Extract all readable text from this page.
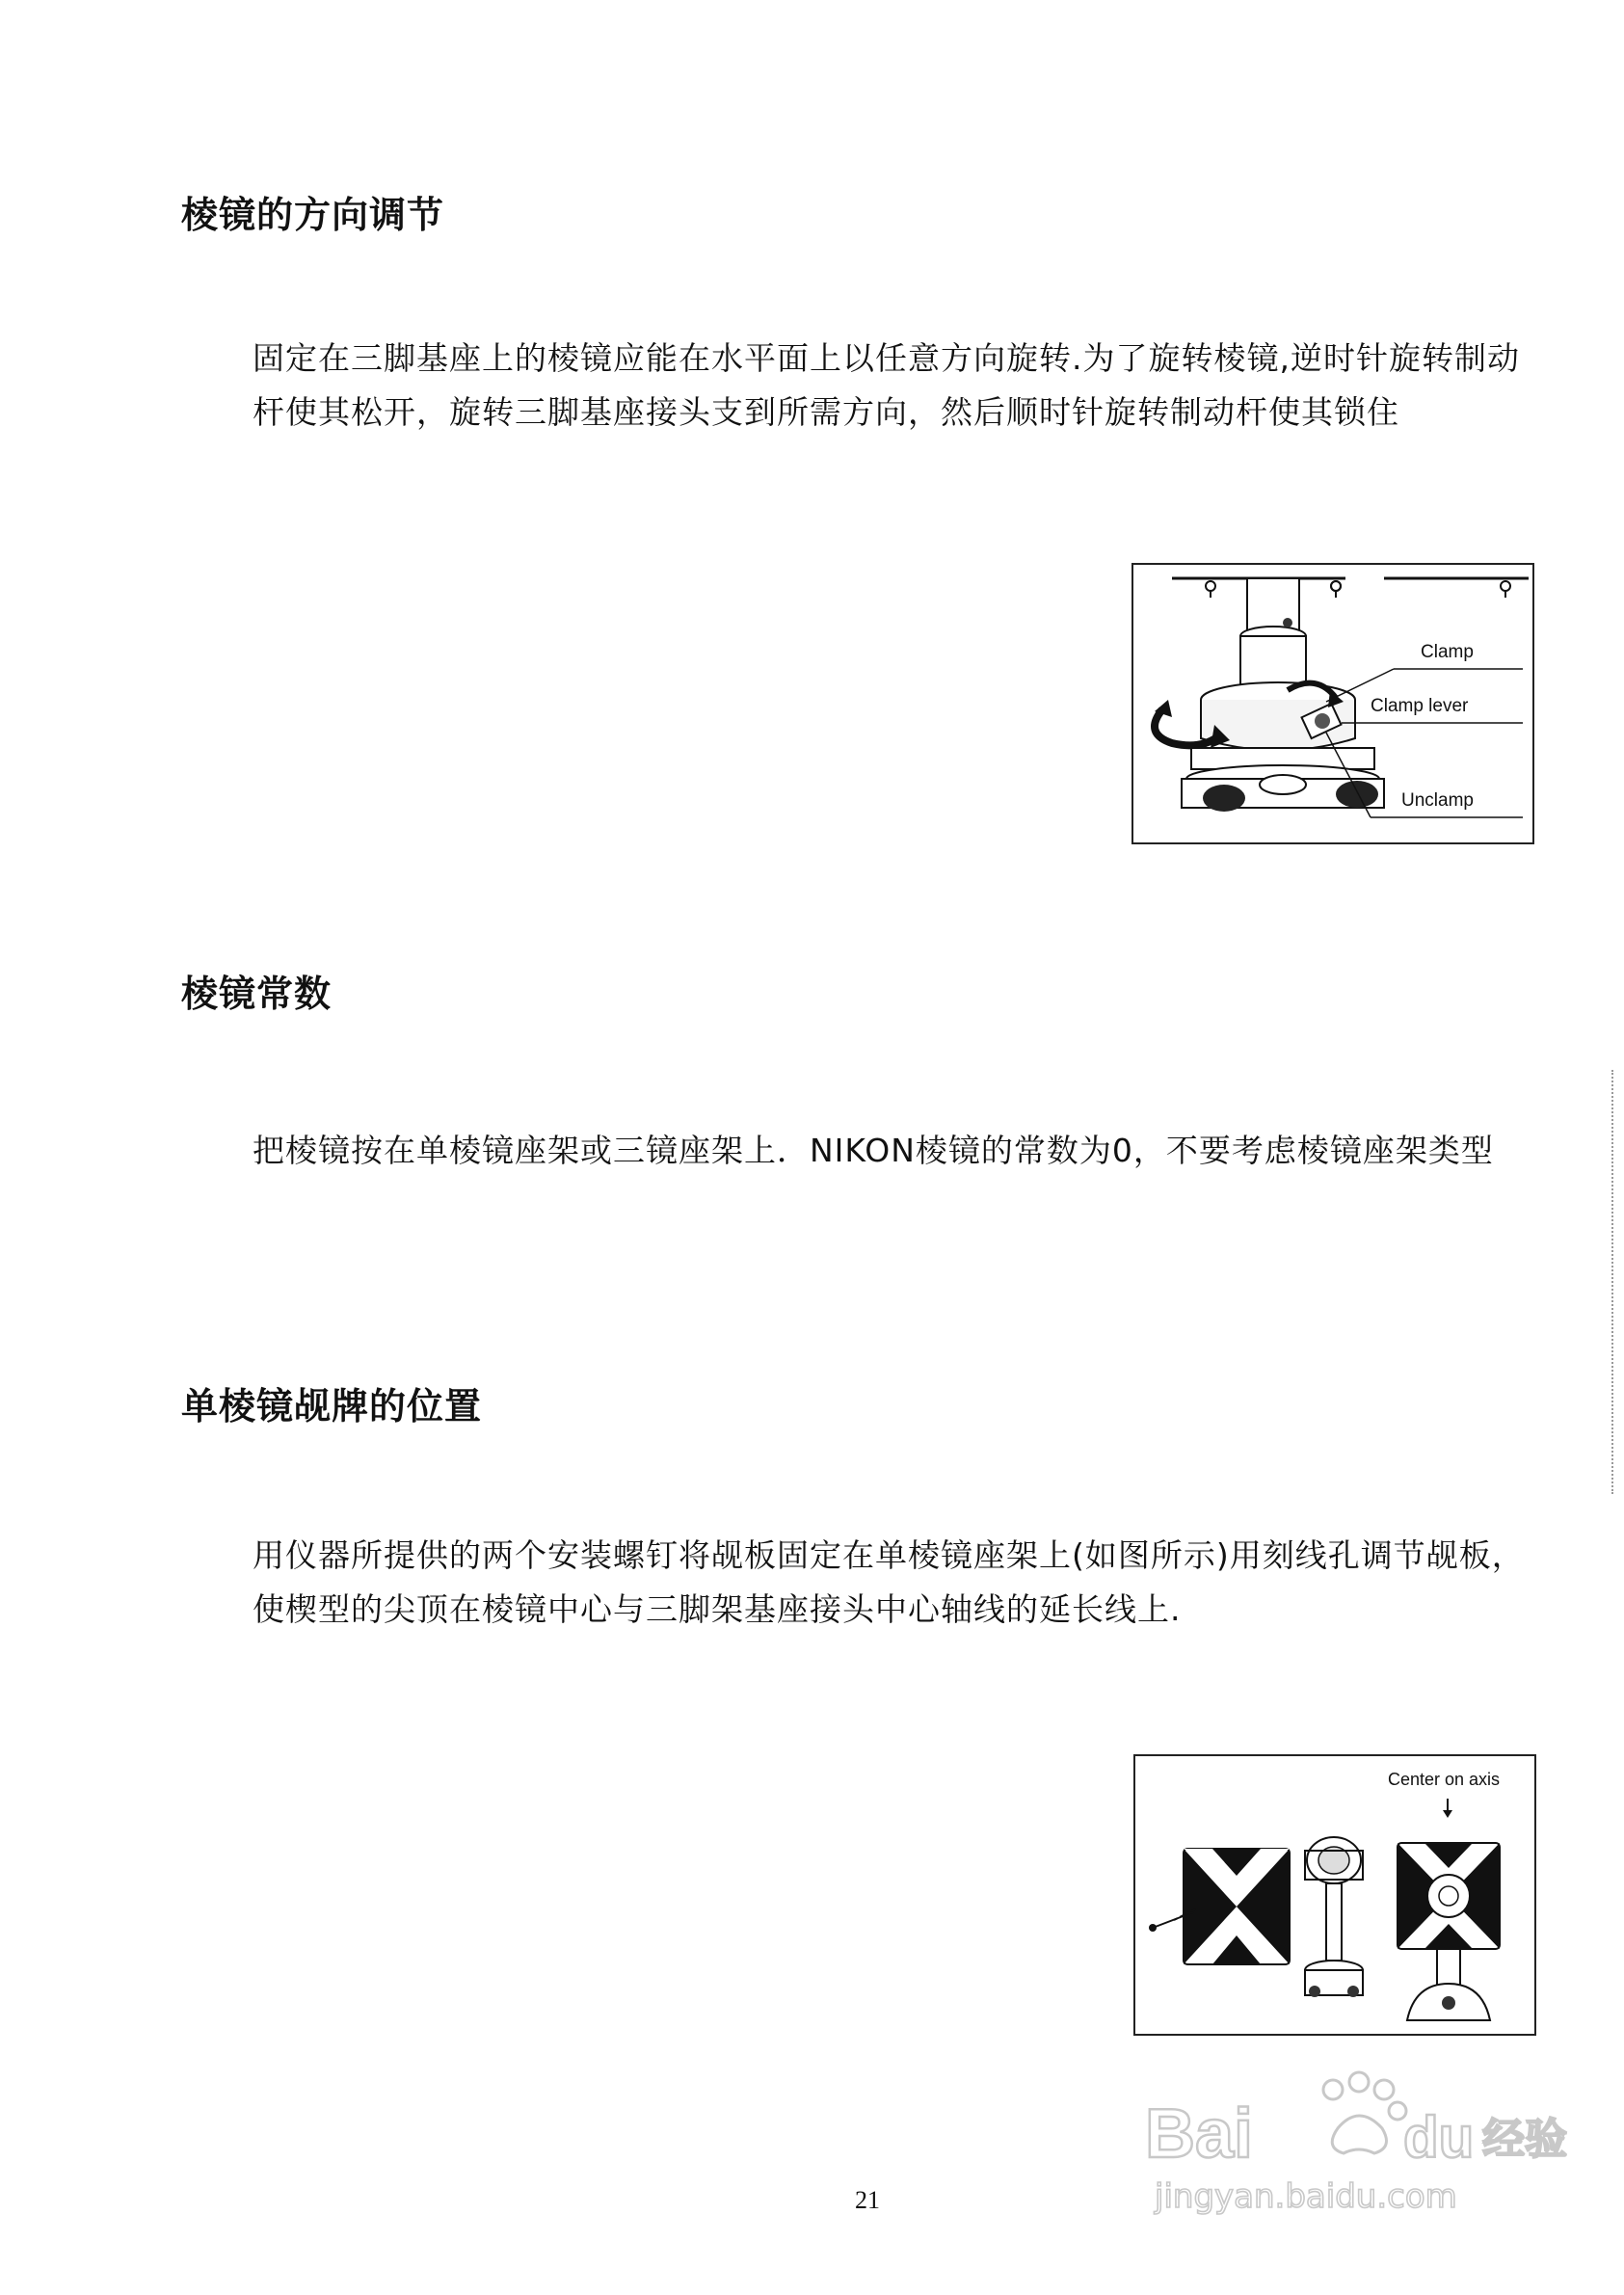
棱镜的方向调节

固定在三脚基座上的棱镜应能在水平面上以任意方向旋转.为了旋转棱镜,逆时针旋转制动杆使其松开，旋转三脚基座接头支到所需方向，然后顺时针旋转制动杆使其锁住

Clamp
Clamp lever
Unclamp
棱镜常数

把棱镜按在单棱镜座架或三镜座架上．NIKON棱镜的常数为0，不要考虑棱镜座架类型

单棱镜觇牌的位置

用仪器所提供的两个安装螺钉将觇板固定在单棱镜座架上(如图所示)用刻线孔调节觇板，使楔型的尖顶在棱镜中心与三脚架基座接头中心轴线的延长线上.

Center on axis
21
Bai	du 经验
jingyan.baidu.com
